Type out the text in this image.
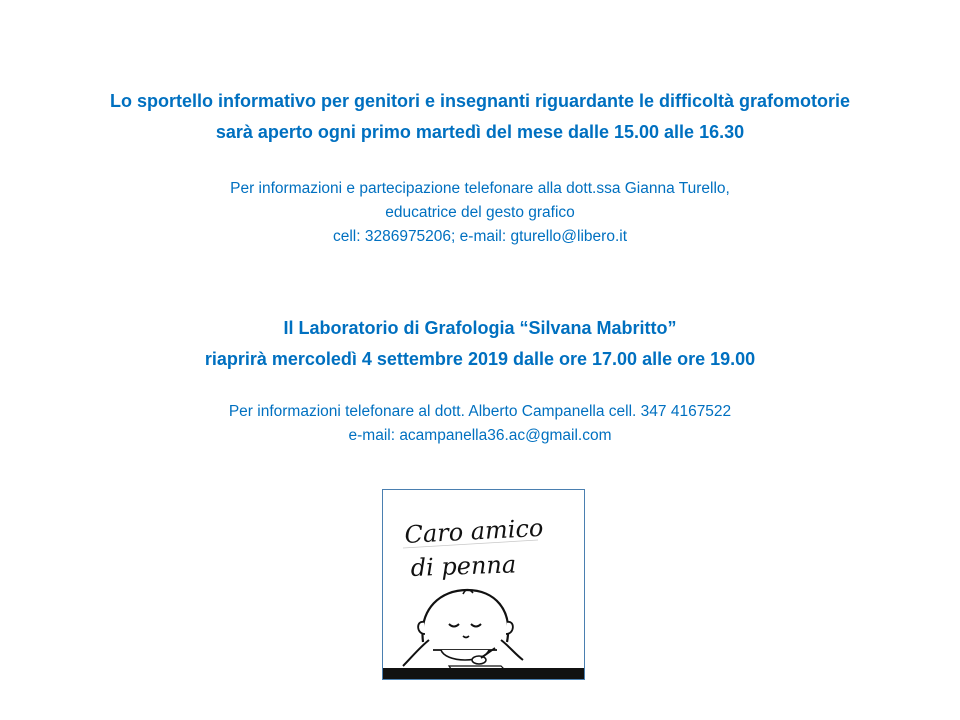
Lo sportello informativo per genitori e insegnanti riguardante le difficoltà grafomotorie
sarà aperto ogni primo martedì del mese dalle 15.00 alle 16.30
Per informazioni e partecipazione telefonare alla dott.ssa Gianna Turello,
educatrice del gesto grafico
cell: 3286975206; e-mail: gturello@libero.it
Il Laboratorio di Grafologia “Silvana Mabritto”
riaprirà mercoledì 4 settembre 2019 dalle ore 17.00 alle ore 19.00
Per informazioni telefonare al dott. Alberto Campanella cell. 347 4167522
e-mail: acampanella36.ac@gmail.com
Caro amico
di penna
